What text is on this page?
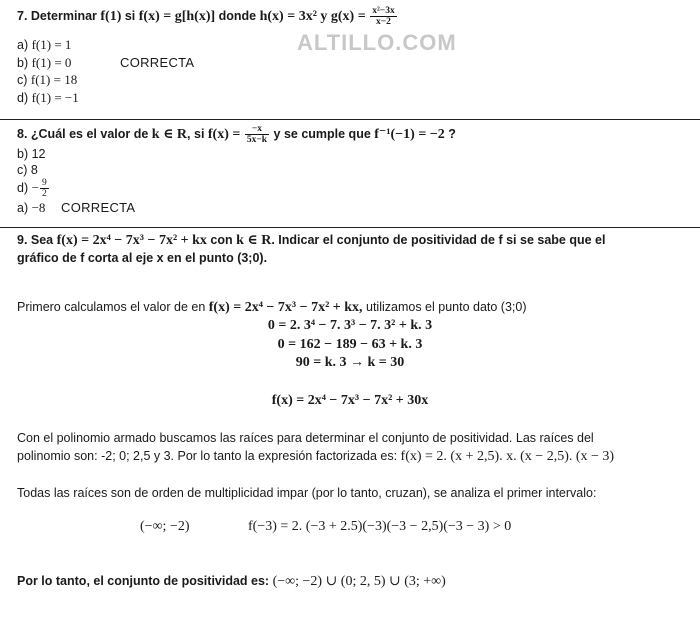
ALTILLO.COM
7. Determinar f(1) si f(x) = g[h(x)] donde h(x) = 3x² y $g(x) = \frac{\text{x²−3x}}{x-2}$
a) f(1) = 1
b) f(1) = 0	CORRECTA
c) f(1) = 18
d) f(1) = −1
8. ¿Cuál es el valor de k ∈ R, si $f(x) = \frac{-x}{5x-k}$ y se cumple que f⁻¹(−1) = −2 ?
b) 12
c) 8
$d) - \frac{9}{2}$
a) −8 CORRECTA
9. Sea f(x) = 2x⁴ − 7x³ − 7x² + kx con k ∈ R. Indicar el conjunto de positividad de f si se sabe que el
gráfico de f corta al eje x en el punto (3;0).
Primero calculamos el valor de en f(x) = 2x⁴ − 7x³ − 7x² + kx, utilizamos el punto dato (3;0)
0 = 2. 3⁴ − 7. 3³ − 7. 3² + k. 3
0 = 162 − 189 − 63 + k. 3
90 = k. 3 → k = 30
f(x) = 2x⁴ − 7x³ − 7x² + 30x
Con el polinomio armado buscamos las raíces para determinar el conjunto de positividad. Las raíces del
polinomio son: -2; 0; 2,5 y 3. Por lo tanto la expresión factorizada es: f(x) = 2. (x + 2,5). x. (x − 2,5). (x − 3)
Todas las raíces son de orden de multiplicidad impar (por lo tanto, cruzan), se analiza el primer intervalo:
(−∞; −2)	f(−3) = 2. (−3 + 2.5)(−3)(−3 − 2,5)(−3 − 3) > 0
Por lo tanto, el conjunto de positividad es: (−∞; −2) ∪ (0; 2, 5) ∪ (3; +∞)
